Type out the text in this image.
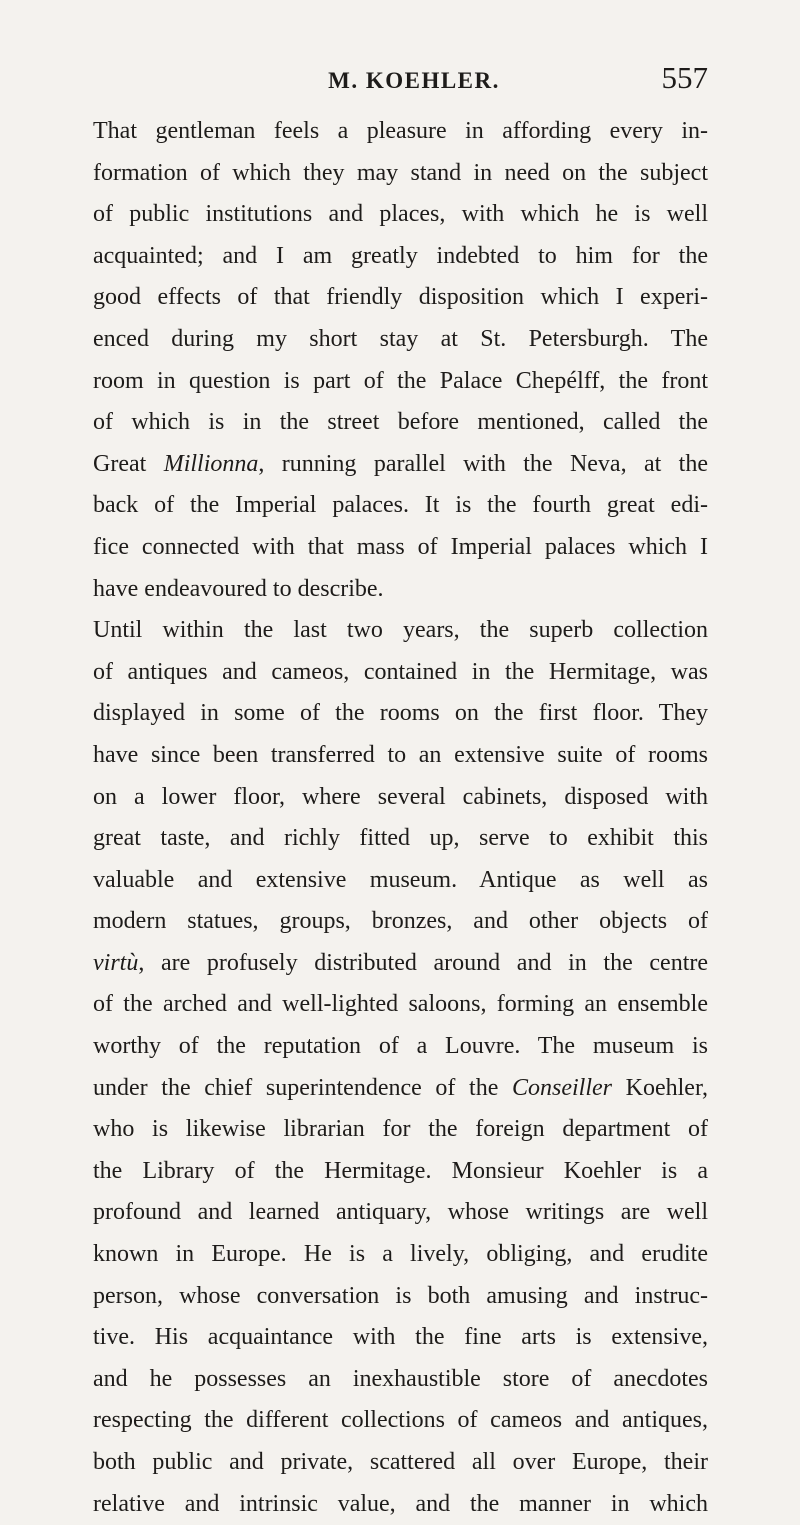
M. KOEHLER.	557
That gentleman feels a pleasure in affording every in-
formation of which they may stand in need on the subject
of public institutions and places, with which he is well
acquainted; and I am greatly indebted to him for the
good effects of that friendly disposition which I experi-
enced during my short stay at St. Petersburgh. The
room in question is part of the Palace Chepélff, the front
of which is in the street before mentioned, called the
Great Millionna, running parallel with the Neva, at the
back of the Imperial palaces. It is the fourth great edi-
fice connected with that mass of Imperial palaces which I
have endeavoured to describe.
Until within the last two years, the superb collection
of antiques and cameos, contained in the Hermitage, was
displayed in some of the rooms on the first floor. They
have since been transferred to an extensive suite of rooms
on a lower floor, where several cabinets, disposed with
great taste, and richly fitted up, serve to exhibit this
valuable and extensive museum. Antique as well as
modern statues, groups, bronzes, and other objects of
virtù, are profusely distributed around and in the centre
of the arched and well-lighted saloons, forming an ensemble
worthy of the reputation of a Louvre. The museum is
under the chief superintendence of the Conseiller Koehler,
who is likewise librarian for the foreign department of
the Library of the Hermitage. Monsieur Koehler is a
profound and learned antiquary, whose writings are well
known in Europe. He is a lively, obliging, and erudite
person, whose conversation is both amusing and instruc-
tive. His acquaintance with the fine arts is extensive,
and he possesses an inexhaustible store of anecdotes
respecting the different collections of cameos and antiques,
both public and private, scattered all over Europe, their
relative and intrinsic value, and the manner in which
